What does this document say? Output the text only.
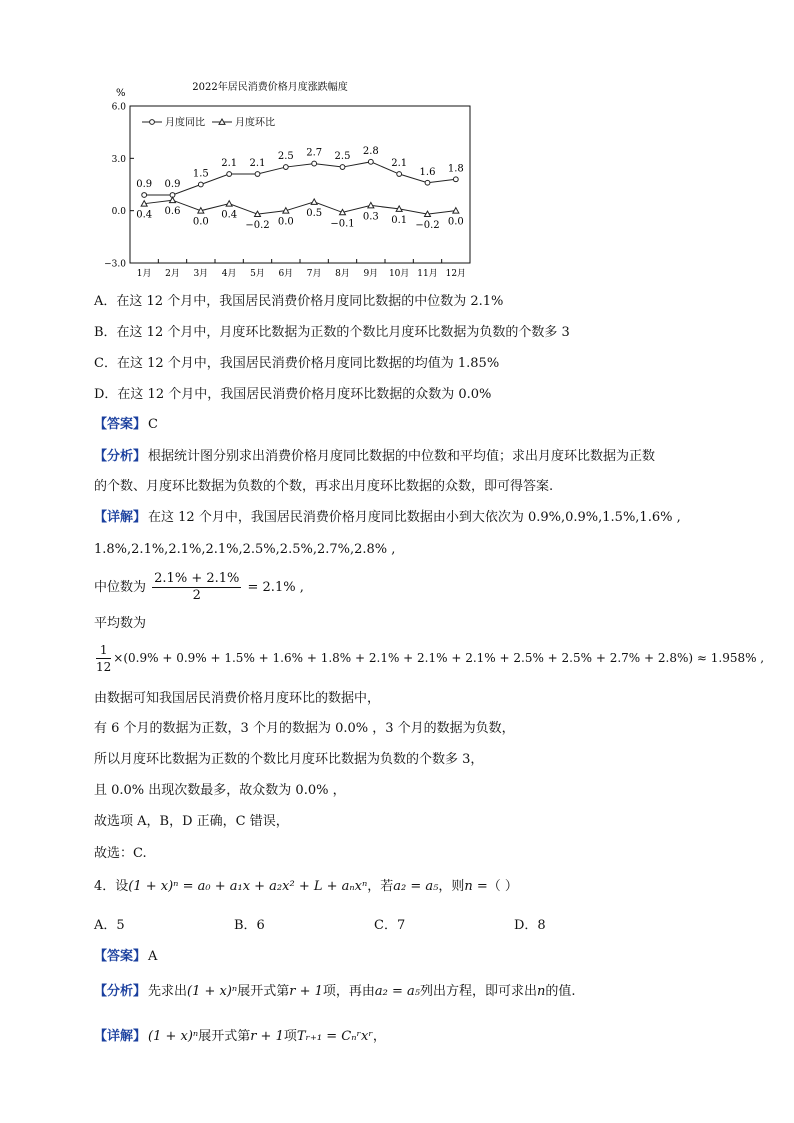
2022年居民消费价格月度涨跌幅度
%
6.0
3.0
0.0
−3.0
1月 2月 3月 4月 5月 6月 7月 8月 9月 10月 11月 12月
0.9 0.9
1.5
2.1 2.1
2.5 2.7 2.5 2.8
2.1
1.6 1.8
0.4 0.6
0.0
0.4
−0.2 0.0
0.5
−0.1
0.3 0.1 −0.2 0.0
月度同比	月度环比
A．在这 12 个月中，我国居民消费价格月度同比数据的中位数为 2.1%
B．在这 12 个月中，月度环比数据为正数的个数比月度环比数据为负数的个数多 3
C．在这 12 个月中，我国居民消费价格月度同比数据的均值为 1.85%
D．在这 12 个月中，我国居民消费价格月度环比数据的众数为 0.0%
【答案】 C
【分析】 根据统计图分别求出消费价格月度同比数据的中位数和平均值；求出月度环比数据为正数
的个数、月度环比数据为负数的个数，再求出月度环比数据的众数，即可得答案.
【详解】 在这 12 个月中，我国居民消费价格月度同比数据由小到大依次为 0.9%,0.9%,1.5%,1.6% ,
1.8%,2.1%,2.1%,2.1%,2.5%,2.5%,2.7%,2.8% ,
中位数为 $\frac{2.1\% + 2.1\%}{2} = 2.1\%$ ,
平均数为
$\frac{1}{12} \times(0.9\% + 0.9\% + 1.5\% + 1.6\% + 1.8\% + 2.1\% + 2.1\% + 2.1\% + 2.5\% + 2.5\% + 2.7\% + 2.8\%) \approx 1.958\%$ ,
由数据可知我国居民消费价格月度环比的数据中，
有 6 个月的数据为正数，3 个月的数据为 0.0% ，3 个月的数据为负数，
所以月度环比数据为正数的个数比月度环比数据为负数的个数多 3，
且 0.0% 出现次数最多，故众数为 0.0% ，
故选项 A，B，D 正确，C 错误，
故选：C.
4．设(1 + x)ⁿ = a₀ + a₁x + a₂x² + L + aₙxⁿ，若a₂ = a₅，则n =（ ）
A．5	B．6	C．7	D．8
【答案】 A
【分析】 先求出(1 + x)ⁿ展开式第r + 1项，再由a₂ = a₅列出方程，即可求出n的值.
【详解】 (1 + x)ⁿ展开式第r + 1项Tᵣ₊₁ = Cₙʳxʳ，
